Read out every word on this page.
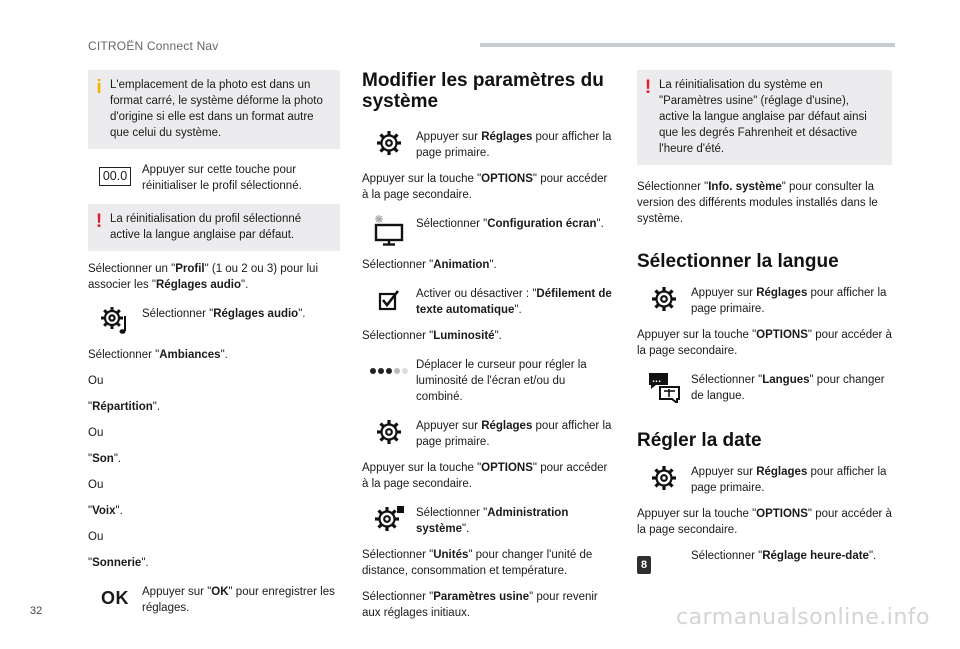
CITROËN Connect Nav
i L'emplacement de la photo est dans un format carré, le système déforme la photo d'origine si elle est dans un format autre que celui du système.
00.0	Appuyer sur cette touche pour réinitialiser le profil sélectionné.
! La réinitialisation du profil sélectionné active la langue anglaise par défaut.

Sélectionner un "Profil" (1 ou 2 ou 3) pour lui associer les "Réglages audio".

Sélectionner "Réglages audio".

Sélectionner "Ambiances".

Ou

"Répartition".

Ou

"Son".

Ou

"Voix".

Ou

"Sonnerie".

OK Appuyer sur "OK" pour enregistrer les réglages.
Modifier les paramètres du système
Appuyer sur Réglages pour afficher la page primaire.

Appuyer sur la touche "OPTIONS" pour accéder à la page secondaire.

Sélectionner "Configuration écran".

Sélectionner "Animation".

Activer ou désactiver : "Défilement de texte automatique".

Sélectionner "Luminosité".

Déplacer le curseur pour régler la luminosité de l'écran et/ou du combiné.
Appuyer sur Réglages pour afficher la page primaire.

Appuyer sur la touche "OPTIONS" pour accéder à la page secondaire.

Sélectionner "Administration système".

Sélectionner "Unités" pour changer l'unité de distance, consommation et température.

Sélectionner "Paramètres usine" pour revenir aux réglages initiaux.

! La réinitialisation du système en "Paramètres usine" (réglage d'usine), active la langue anglaise par défaut ainsi que les degrés Fahrenheit et désactive l'heure d'été.

Sélectionner "Info. système" pour consulter la version des différents modules installés dans le système.

Sélectionner la langue
Appuyer sur Réglages pour afficher la page primaire.

Appuyer sur la touche "OPTIONS" pour accéder à la page secondaire.

...	Sélectionner "Langues" pour changer de langue.
Régler la date
Appuyer sur Réglages pour afficher la page primaire.

Appuyer sur la touche "OPTIONS" pour accéder à la page secondaire.

8
Sélectionner "Réglage heure-date".
32	carmanualsonline.info
